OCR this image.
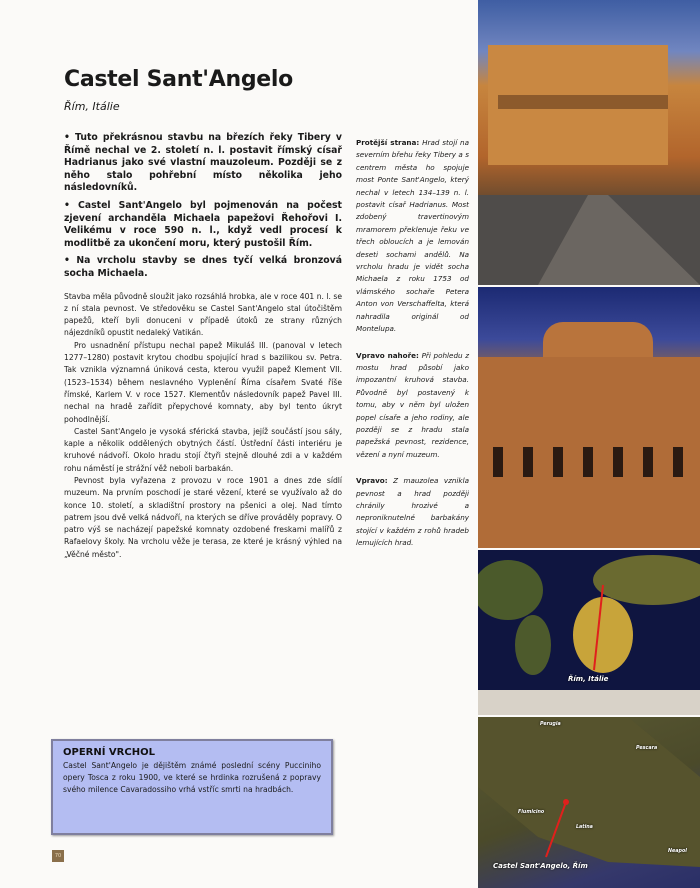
Castel Sant'Angelo
Řím, Itálie

• Tuto překrásnou stavbu na březích řeky Tibery v Římě nechal ve 2. století n. l. postavit římský císař Hadrianus jako své vlastní mauzoleum. Později se z něho stalo pohřební místo několika jeho následovníků.

• Castel Sant'Angelo byl pojmenován na počest zjevení archanděla Michaela papežovi Řehořovi I. Velikému v roce 590 n. l., když vedl procesí k modlitbě za ukončení moru, který pustošil Řím.

• Na vrcholu stavby se dnes tyčí velká bronzová socha Michaela.

Stavba měla původně sloužit jako rozsáhlá hrobka, ale v roce 401 n. l. se z ní stala pevnost. Ve středověku se Castel Sant'Angelo stal útočištěm papežů, kteří byli donuceni v případě útoků ze strany různých nájezdníků opustit nedaleký Vatikán.

Pro usnadnění přístupu nechal papež Mikuláš III. (panoval v letech 1277–1280) postavit krytou chodbu spojující hrad s bazilikou sv. Petra. Tak vznikla významná úniková cesta, kterou využil papež Klement VII. (1523–1534) během neslavného Vyplenění Říma císařem Svaté říše římské, Karlem V. v roce 1527. Klementův následovník papež Pavel III. nechal na hradě zařídit přepychové komnaty, aby byl tento úkryt pohodlnější.

Castel Sant'Angelo je vysoká sférická stavba, jejíž součástí jsou sály, kaple a několik oddělených obytných částí. Ústřední části interiéru je kruhové nádvoří. Okolo hradu stojí čtyři stejně dlouhé zdi a v každém rohu náměstí je strážní věž neboli barbakán.

Pevnost byla vyřazena z provozu v roce 1901 a dnes zde sídlí muzeum. Na prvním poschodí je staré vězení, které se využívalo až do konce 10. století, a skladištní prostory na pšenici a olej. Nad tímto patrem jsou dvě velká nádvoří, na kterých se dříve prováděly popravy. O patro výš se nacházejí papežské komnaty ozdobené freskami malířů z Rafaelovy školy. Na vrcholu věže je terasa, ze které je krásný výhled na „Věčné město".

Protější strana: Hrad stojí na severním břehu řeky Tibery a s centrem města ho spojuje most Ponte Sant'Angelo, který nechal v letech 134–139 n. l. postavit císař Hadrianus. Most zdobený travertinovým mramorem překlenuje řeku ve třech obloucích a je lemován deseti sochami andělů. Na vrcholu hradu je vidět socha Michaela z roku 1753 od vlámského sochaře Petera Anton von Verschaffelta, která nahradila originál od Montelupa.
Vpravo nahoře: Při pohledu z mostu hrad působí jako impozantní kruhová stavba. Původně byl postavený k tomu, aby v něm byl uložen popel císaře a jeho rodiny, ale později se z hradu stala papežská pevnost, rezidence, vězení a nyní muzeum.
Vpravo: Z mauzolea vznikla pevnost a hrad později chránily hrozivé a neproniknutelné barbakány stojící v každém z rohů hradeb lemujících hrad.
OPERNÍ VRCHOL

Castel Sant'Angelo je dějištěm známé poslední scény Pucciniho opery Tosca z roku 1900, ve které se hrdinka rozrušená z popravy svého milence Cavaradossiho vrhá vstříc smrti na hradbách.

70
Řím, Itálie
Perugia
Pescara
Fiumicino
Latina
Neapol
Castel Sant'Angelo, Řím
